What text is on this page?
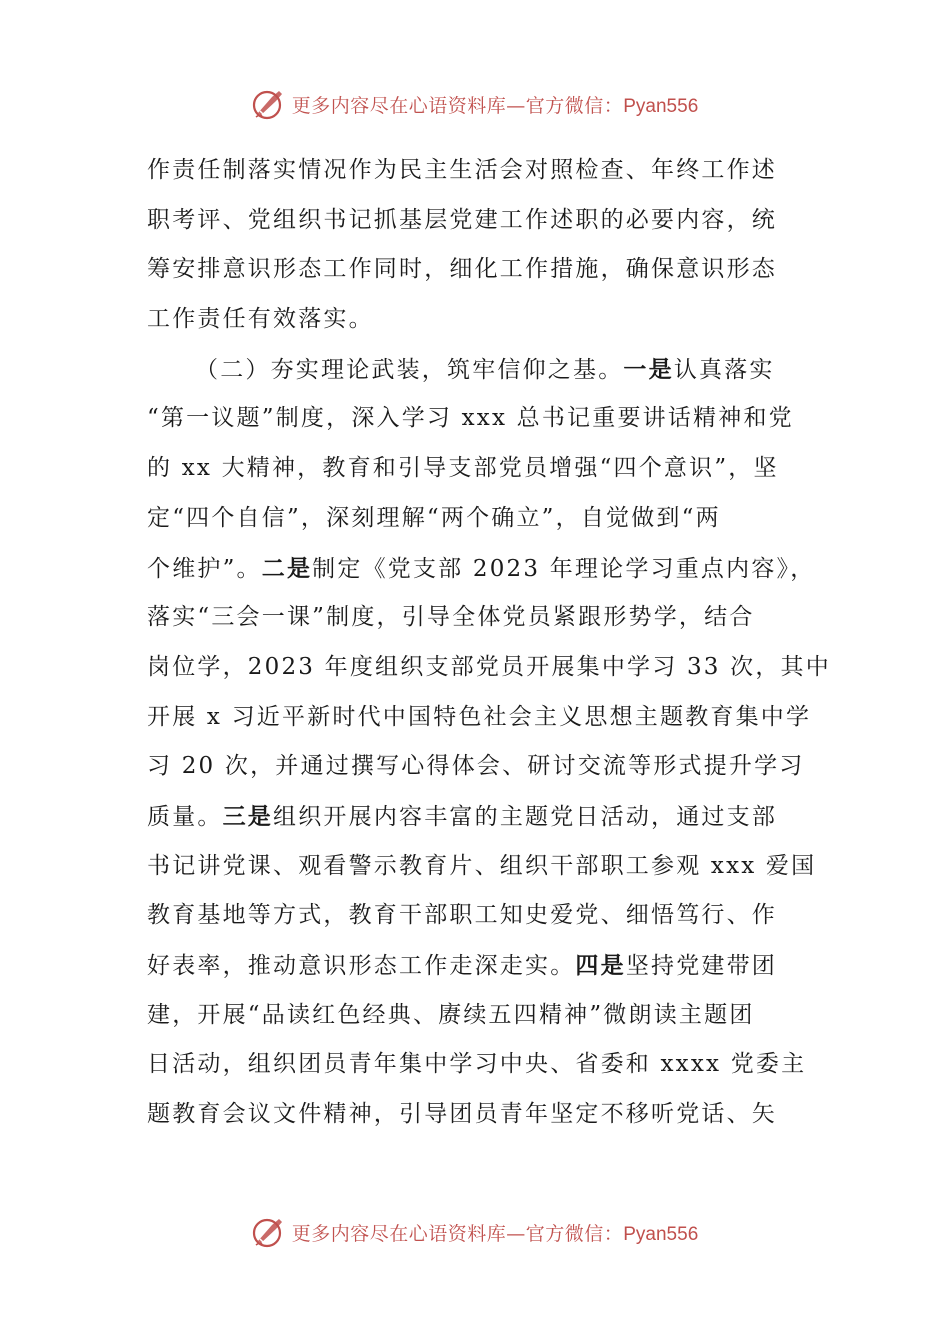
更多内容尽在心语资料库—官方微信：Pyan556
作责任制落实情况作为民主生活会对照检查、年终工作述
职考评、党组织书记抓基层党建工作述职的必要内容，统
筹安排意识形态工作同时，细化工作措施，确保意识形态
工作责任有效落实。
（二）夯实理论武装，筑牢信仰之基。一是认真落实
“第一议题”制度，深入学习 xxx 总书记重要讲话精神和党
的 xx 大精神，教育和引导支部党员增强“四个意识”，坚
定“四个自信”，深刻理解“两个确立”，自觉做到“两
个维护”。二是制定《党支部 2023 年理论学习重点内容》，
落实“三会一课”制度，引导全体党员紧跟形势学，结合
岗位学，2023 年度组织支部党员开展集中学习 33 次，其中
开展 x 习近平新时代中国特色社会主义思想主题教育集中学
习 20 次，并通过撰写心得体会、研讨交流等形式提升学习
质量。三是组织开展内容丰富的主题党日活动，通过支部
书记讲党课、观看警示教育片、组织干部职工参观 xxx 爱国
教育基地等方式，教育干部职工知史爱党、细悟笃行、作
好表率，推动意识形态工作走深走实。四是坚持党建带团
建，开展“品读红色经典、赓续五四精神”微朗读主题团
日活动，组织团员青年集中学习中央、省委和 xxxx 党委主
题教育会议文件精神，引导团员青年坚定不移听党话、矢
更多内容尽在心语资料库—官方微信：Pyan556
